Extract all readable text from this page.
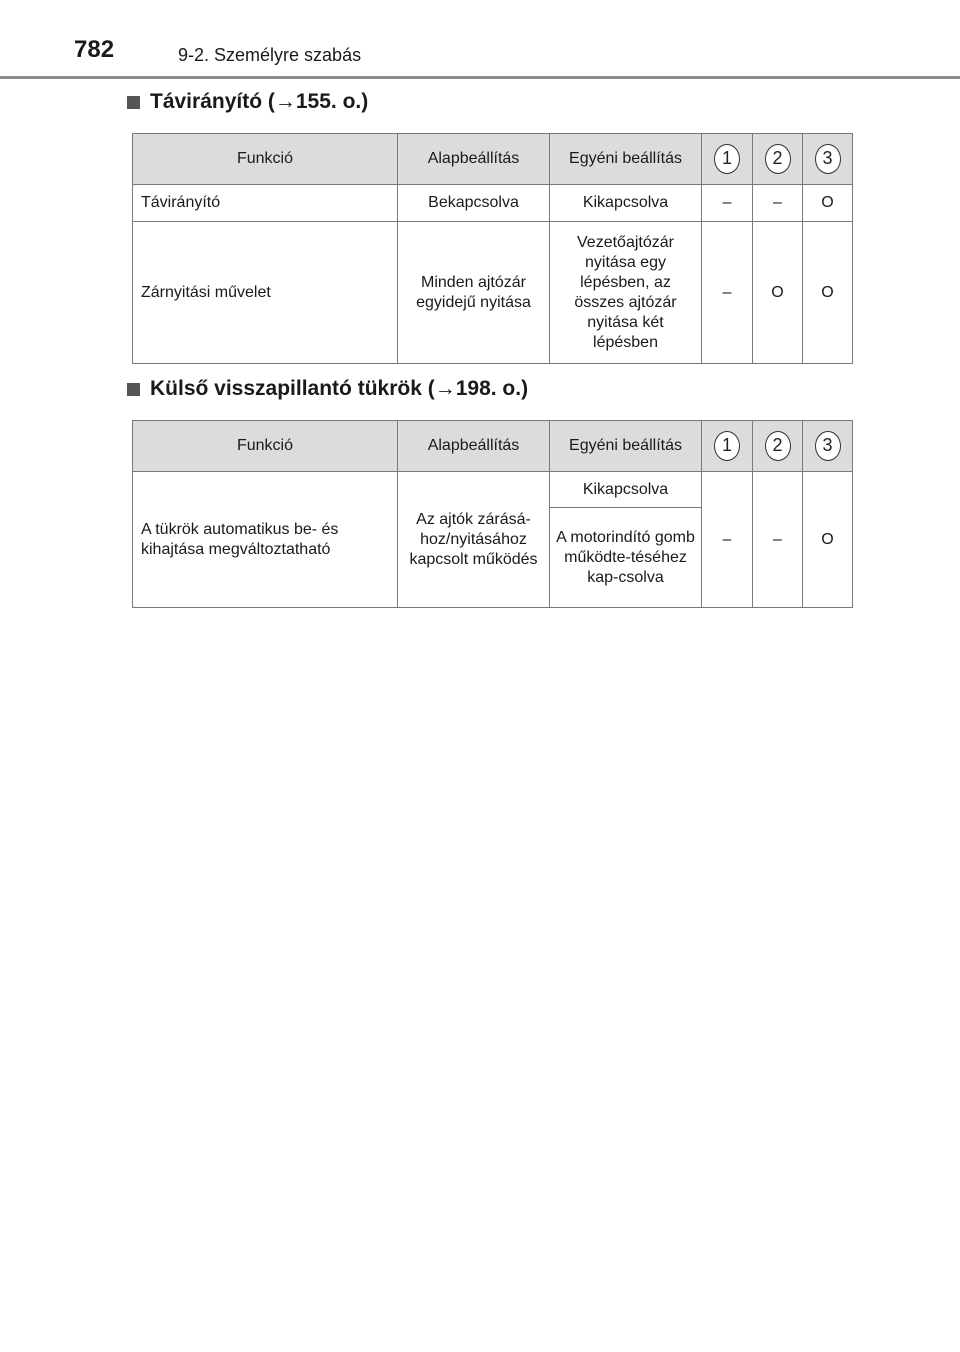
782	9-2. Személyre szabás
Távirányító (→155. o.)
Funkció	Alapbeállítás	Egyéni beállítás	1	2	3
Távirányító	Bekapcsolva	Kikapcsolva	–	–	O
Zárnyitási művelet	Minden ajtózár egyidejű nyitása	Vezetőajtózár nyitása egy lépésben, az összes ajtózár nyitása két lépésben	–	O	O
Külső visszapillantó tükrök (→198. o.)
Funkció	Alapbeállítás	Egyéni beállítás	1	2	3
A tükrök automatikus be- és kihajtása megváltoztatható	Az ajtók zárásá-hoz/nyitásához kapcsolt működés	Kikapcsolva	–	–	O
		A motorindító gomb működte-téséhez kap-csolva			
